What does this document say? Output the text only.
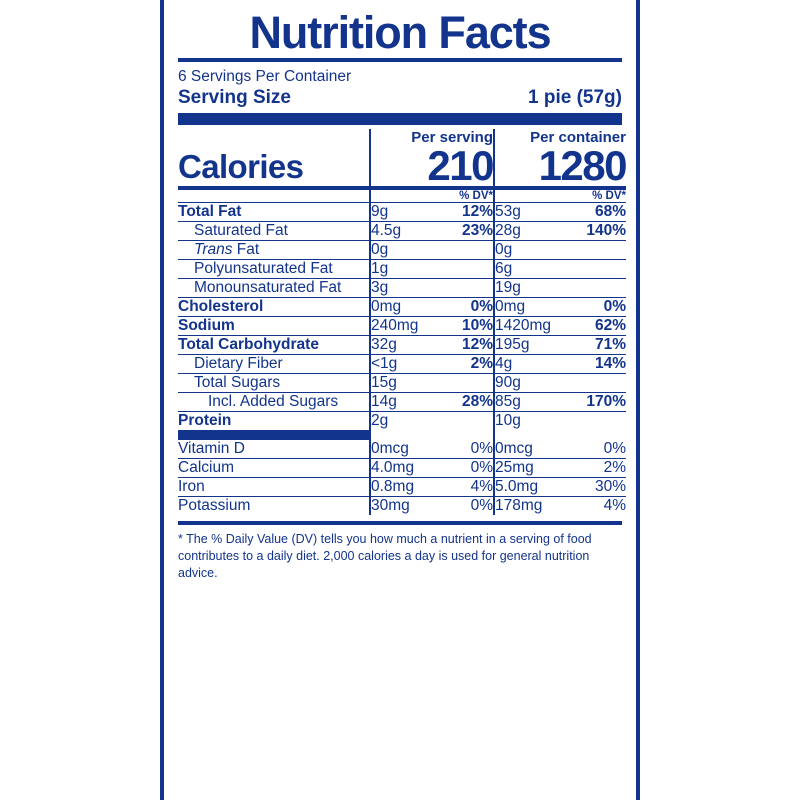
Nutrition Facts
6 Servings Per Container
Serving Size	1 pie (57g)
	Per serving		Per container	
Calories	210		1280	
		% DV*		% DV*
Total Fat	9g	12%	53g	68%
Saturated Fat	4.5g	23%	28g	140%
Trans Fat	0g		0g	
Polyunsaturated Fat	1g		6g	
Monounsaturated Fat	3g		19g	
Cholesterol	0mg	0%	0mg	0%
Sodium	240mg	10%	1420mg	62%
Total Carbohydrate	32g	12%	195g	71%
Dietary Fiber	<1g	2%	4g	14%
Total Sugars	15g		90g	
Incl. Added Sugars	14g	28%	85g	170%
Protein	2g		10g	

Vitamin D	0mcg	0%	0mcg	0%
Calcium	4.0mg	0%	25mg	2%
Iron	0.8mg	4%	5.0mg	30%
Potassium	30mg	0%	178mg	4%
* The % Daily Value (DV) tells you how much a nutrient in a serving of food contributes to a daily diet. 2,000 calories a day is used for general nutrition advice.
